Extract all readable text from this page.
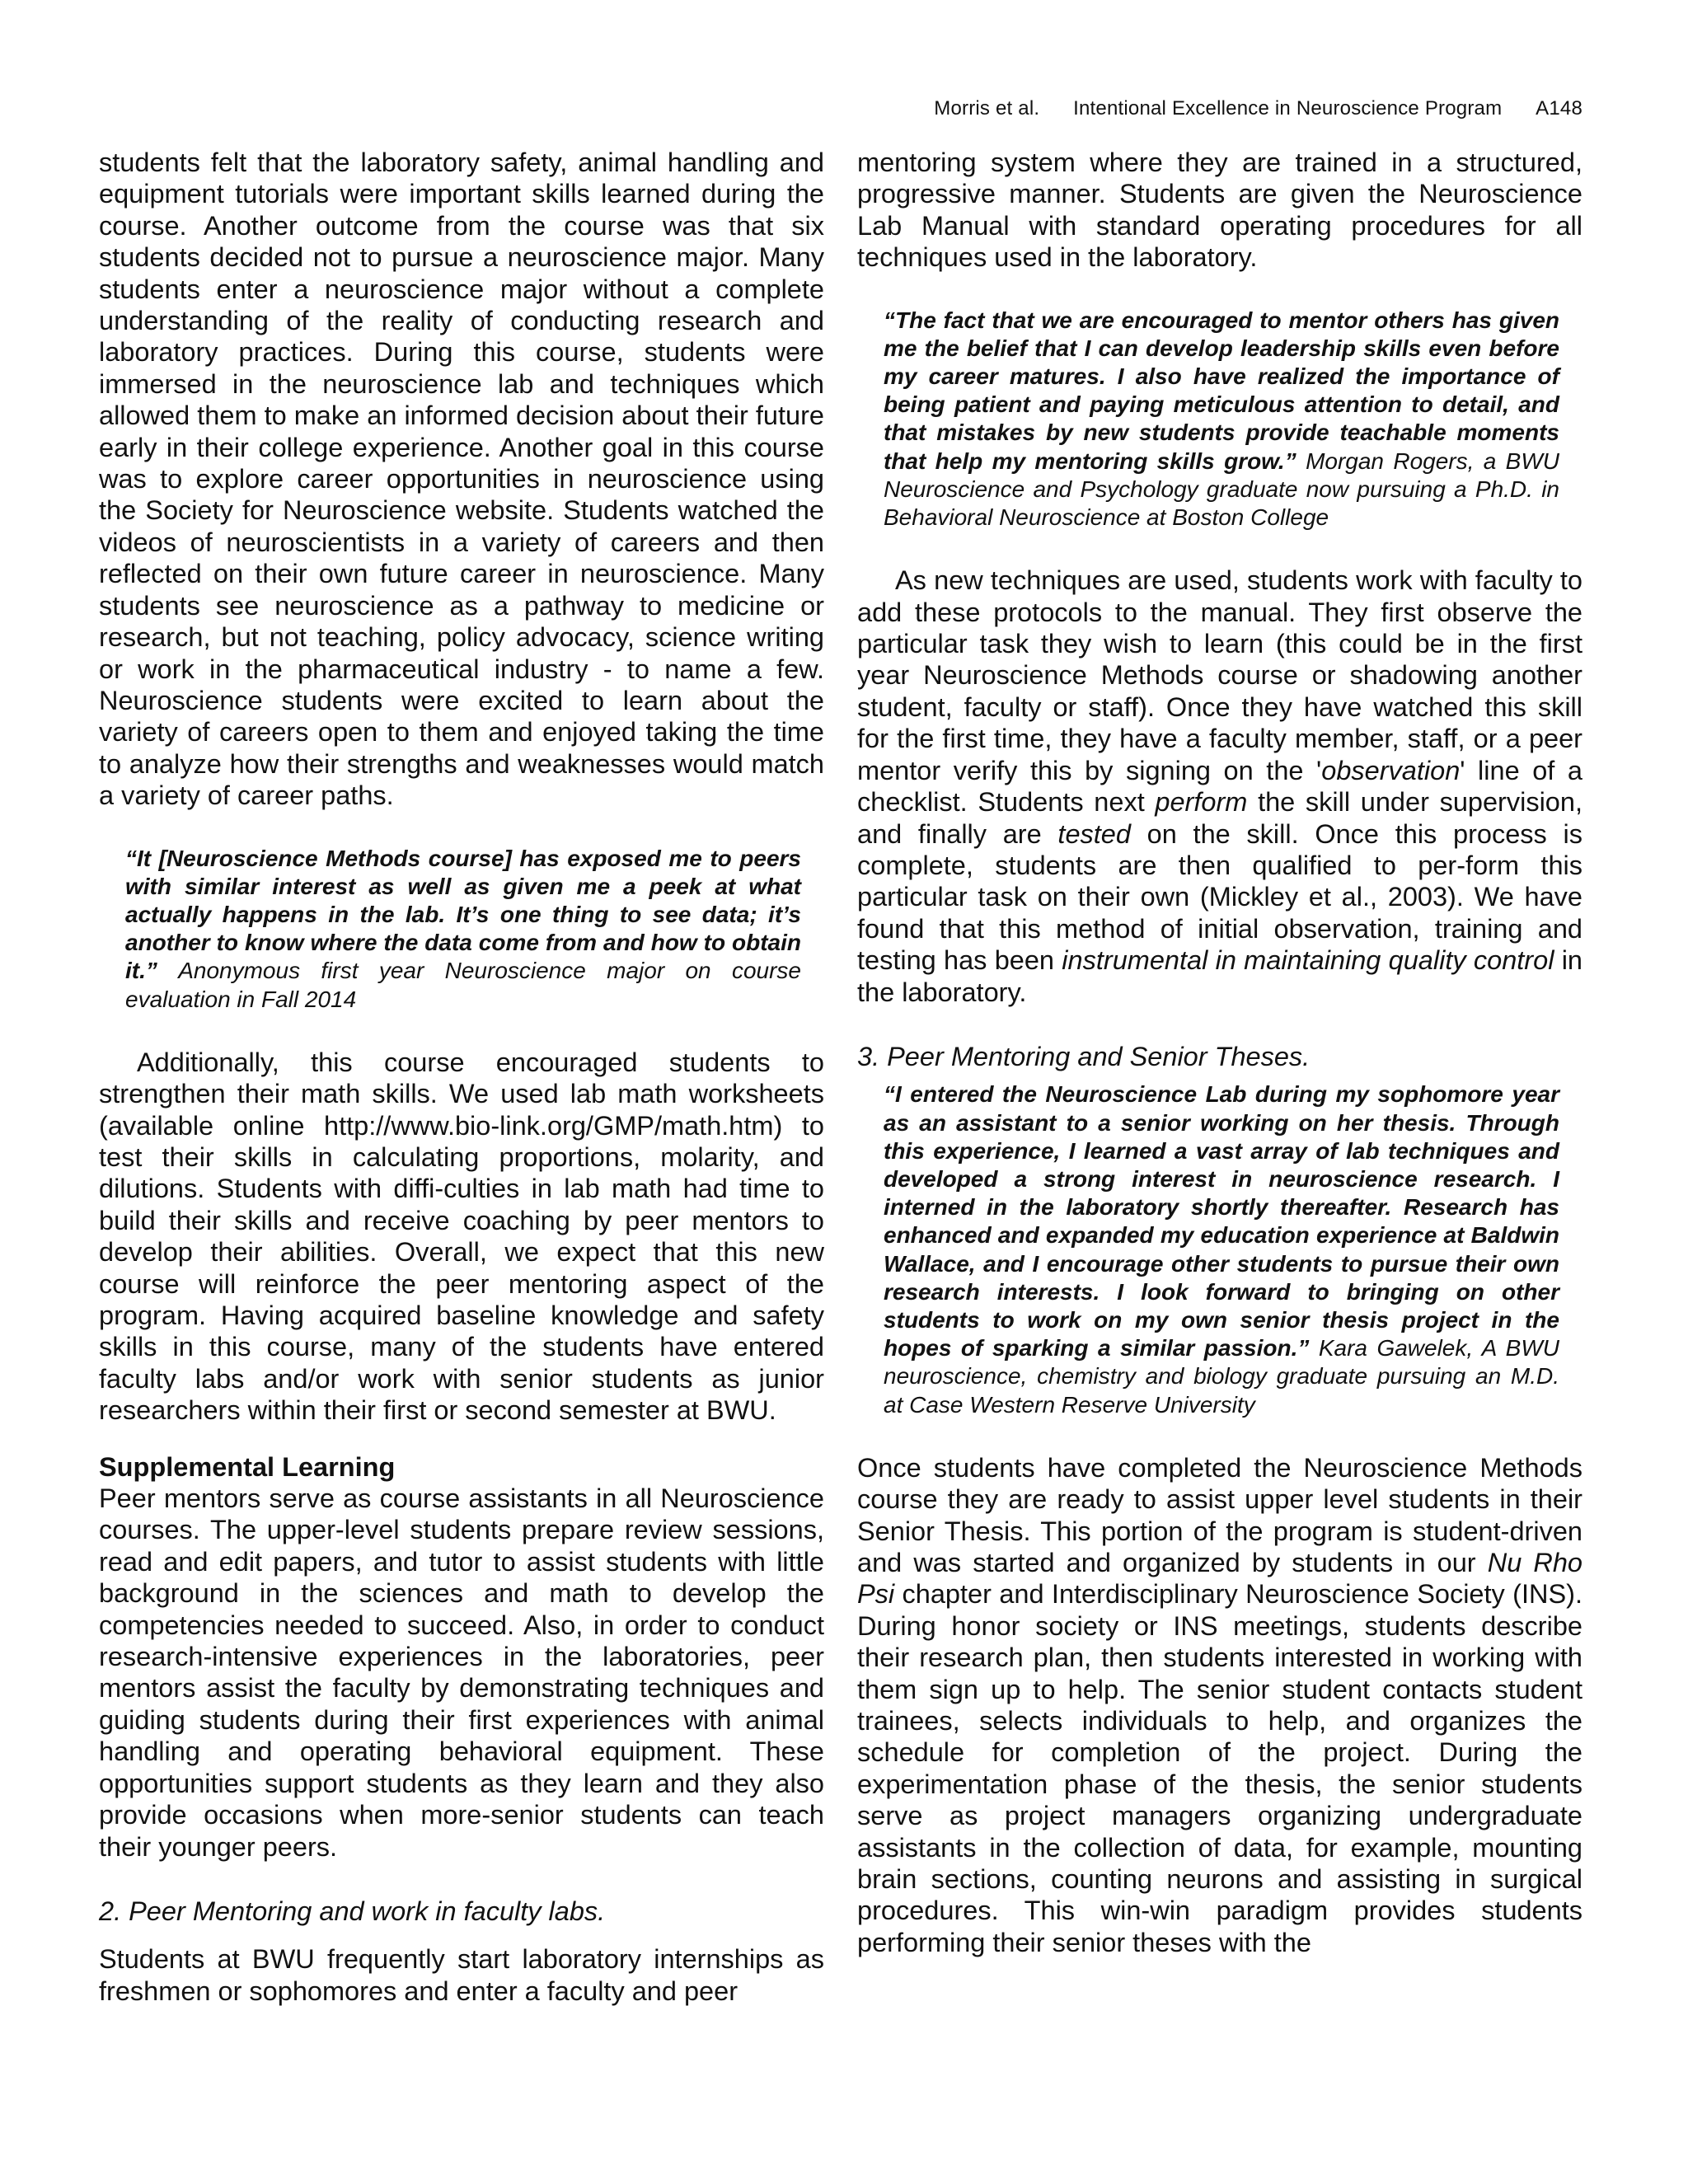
Morris et al. Intentional Excellence in Neuroscience Program A148

students felt that the laboratory safety, animal handling and equipment tutorials were important skills learned during the course. Another outcome from the course was that six students decided not to pursue a neuroscience major. Many students enter a neuroscience major without a complete understanding of the reality of conducting research and laboratory practices. During this course, students were immersed in the neuroscience lab and techniques which allowed them to make an informed decision about their future early in their college experience. Another goal in this course was to explore career opportunities in neuroscience using the Society for Neuroscience website. Students watched the videos of neuroscientists in a variety of careers and then reflected on their own future career in neuroscience. Many students see neuroscience as a pathway to medicine or research, but not teaching, policy advocacy, science writing or work in the pharmaceutical industry - to name a few. Neuroscience students were excited to learn about the variety of careers open to them and enjoyed taking the time to analyze how their strengths and weaknesses would match a variety of career paths.

“It [Neuroscience Methods course] has exposed me to peers with similar interest as well as given me a peek at what actually happens in the lab. It’s one thing to see data; it’s another to know where the data come from and how to obtain it.” Anonymous first year Neuroscience major on course evaluation in Fall 2014

Additionally, this course encouraged students to strengthen their math skills. We used lab math worksheets (available online http://www.bio-link.org/GMP/math.htm) to test their skills in calculating proportions, molarity, and dilutions. Students with diffi-culties in lab math had time to build their skills and receive coaching by peer mentors to develop their abilities. Overall, we expect that this new course will reinforce the peer mentoring aspect of the program. Having acquired baseline knowledge and safety skills in this course, many of the students have entered faculty labs and/or work with senior students as junior researchers within their first or second semester at BWU.

Supplemental Learning

Peer mentors serve as course assistants in all Neuroscience courses. The upper-level students prepare review sessions, read and edit papers, and tutor to assist students with little background in the sciences and math to develop the competencies needed to succeed. Also, in order to conduct research-intensive experiences in the laboratories, peer mentors assist the faculty by demonstrating techniques and guiding students during their first experiences with animal handling and operating behavioral equipment. These opportunities support students as they learn and they also provide occasions when more-senior students can teach their younger peers.

2. Peer Mentoring and work in faculty labs.

Students at BWU frequently start laboratory internships as freshmen or sophomores and enter a faculty and peer

mentoring system where they are trained in a structured, progressive manner. Students are given the Neuroscience Lab Manual with standard operating procedures for all techniques used in the laboratory.

“The fact that we are encouraged to mentor others has given me the belief that I can develop leadership skills even before my career matures. I also have realized the importance of being patient and paying meticulous attention to detail, and that mistakes by new students provide teachable moments that help my mentoring skills grow.” Morgan Rogers, a BWU Neuroscience and Psychology graduate now pursuing a Ph.D. in Behavioral Neuroscience at Boston College

As new techniques are used, students work with faculty to add these protocols to the manual. They first observe the particular task they wish to learn (this could be in the first year Neuroscience Methods course or shadowing another student, faculty or staff). Once they have watched this skill for the first time, they have a faculty member, staff, or a peer mentor verify this by signing on the 'observation' line of a checklist. Students next perform the skill under supervision, and finally are tested on the skill. Once this process is complete, students are then qualified to per-form this particular task on their own (Mickley et al., 2003). We have found that this method of initial observation, training and testing has been instrumental in maintaining quality control in the laboratory.

3. Peer Mentoring and Senior Theses.

“I entered the Neuroscience Lab during my sophomore year as an assistant to a senior working on her thesis. Through this experience, I learned a vast array of lab techniques and developed a strong interest in neuroscience research. I interned in the laboratory shortly thereafter. Research has enhanced and expanded my education experience at Baldwin Wallace, and I encourage other students to pursue their own research interests. I look forward to bringing on other students to work on my own senior thesis project in the hopes of sparking a similar passion.” Kara Gawelek, A BWU neuroscience, chemistry and biology graduate pursuing an M.D. at Case Western Reserve University

Once students have completed the Neuroscience Methods course they are ready to assist upper level students in their Senior Thesis. This portion of the program is student-driven and was started and organized by students in our Nu Rho Psi chapter and Interdisciplinary Neuroscience Society (INS). During honor society or INS meetings, students describe their research plan, then students interested in working with them sign up to help. The senior student contacts student trainees, selects individuals to help, and organizes the schedule for completion of the project. During the experimentation phase of the thesis, the senior students serve as project managers organizing undergraduate assistants in the collection of data, for example, mounting brain sections, counting neurons and assisting in surgical procedures. This win-win paradigm provides students performing their senior theses with the
